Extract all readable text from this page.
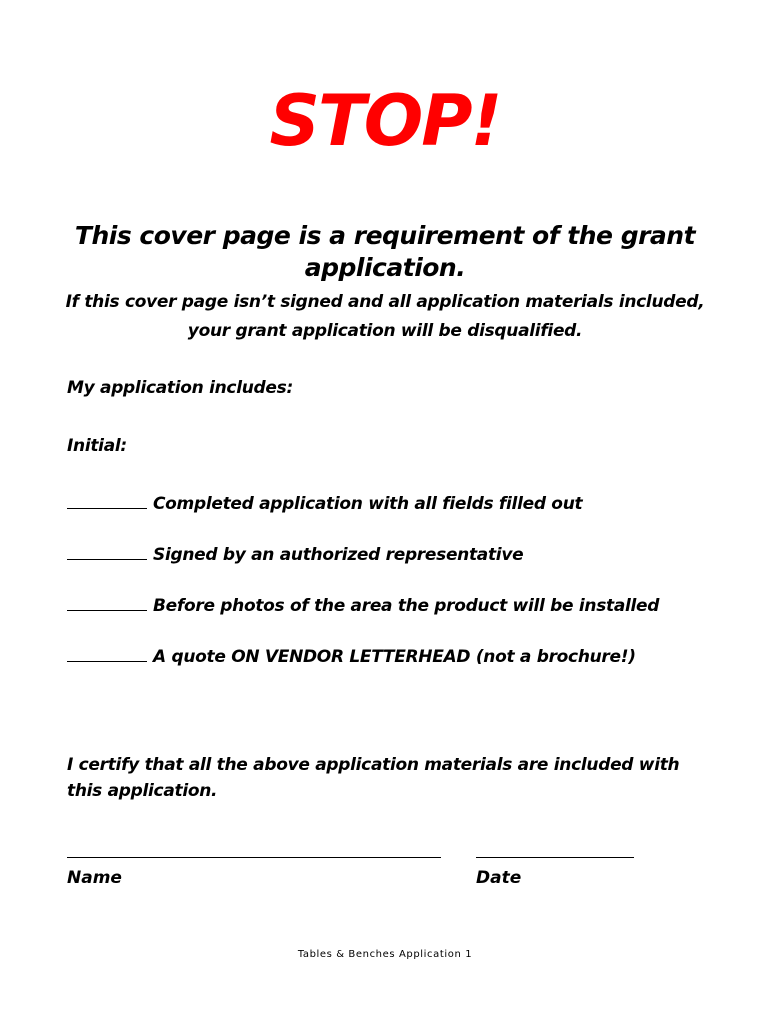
STOP!
This cover page is a requirement of the grant application.
If this cover page isn’t signed and all application materials included,
your grant application will be disqualified.
My application includes:
Initial:
Completed application with all fields filled out
Signed by an authorized representative
Before photos of the area the product will be installed
A quote ON VENDOR LETTERHEAD (not a brochure!)
I certify that all the above application materials are included with this application.
Name	Date
Tables & Benches Application 1
